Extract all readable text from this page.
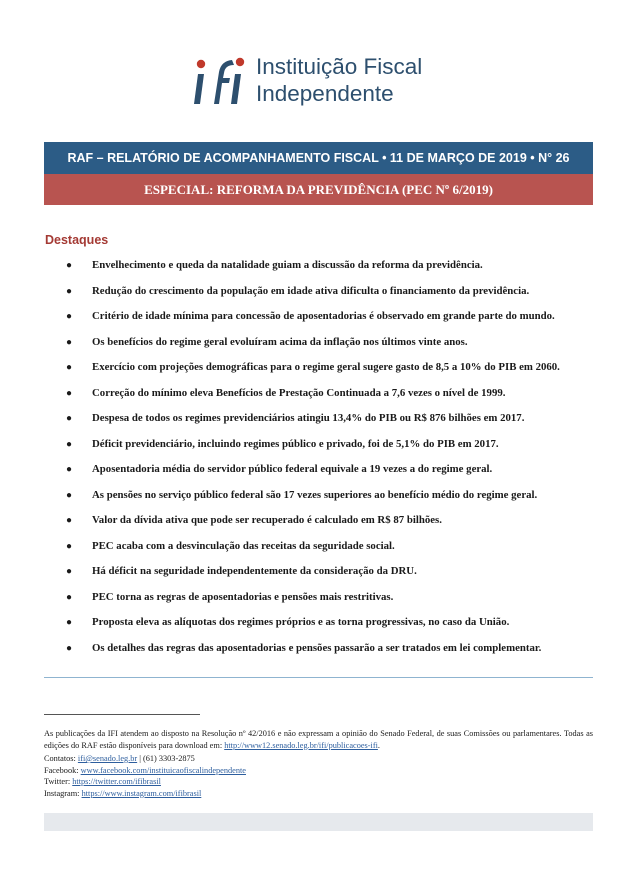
Instituição Fiscal
Independente
RAF – RELATÓRIO DE ACOMPANHAMENTO FISCAL • 11 DE MARÇO DE 2019 • N° 26
ESPECIAL: REFORMA DA PREVIDÊNCIA (PEC Nº 6/2019)
Destaques
● Envelhecimento e queda da natalidade guiam a discussão da reforma da previdência.
● Redução do crescimento da população em idade ativa dificulta o financiamento da previdência.
● Critério de idade mínima para concessão de aposentadorias é observado em grande parte do mundo.
● Os benefícios do regime geral evoluíram acima da inflação nos últimos vinte anos.
● Exercício com projeções demográficas para o regime geral sugere gasto de 8,5 a 10% do PIB em 2060.
● Correção do mínimo eleva Benefícios de Prestação Continuada a 7,6 vezes o nível de 1999.
● Despesa de todos os regimes previdenciários atingiu 13,4% do PIB ou R$ 876 bilhões em 2017.
● Déficit previdenciário, incluindo regimes público e privado, foi de 5,1% do PIB em 2017.
● Aposentadoria média do servidor público federal equivale a 19 vezes a do regime geral.
● As pensões no serviço público federal são 17 vezes superiores ao benefício médio do regime geral.
● Valor da dívida ativa que pode ser recuperado é calculado em R$ 87 bilhões.
● PEC acaba com a desvinculação das receitas da seguridade social.
● Há déficit na seguridade independentemente da consideração da DRU.
● PEC torna as regras de aposentadorias e pensões mais restritivas.
● Proposta eleva as alíquotas dos regimes próprios e as torna progressivas, no caso da União.
● Os detalhes das regras das aposentadorias e pensões passarão a ser tratados em lei complementar.
As publicações da IFI atendem ao disposto na Resolução nº 42/2016 e não expressam a opinião do Senado Federal, de suas Comissões ou parlamentares. Todas as edições do RAF estão disponíveis para download em: http://www12.senado.leg.br/ifi/publicacoes-ifi.
Contatos: ifi@senado.leg.br | (61) 3303-2875
Facebook: www.facebook.com/instituicaofiscalindependente
Twitter: https://twitter.com/ifibrasil
Instagram: https://www.instagram.com/ifibrasil
